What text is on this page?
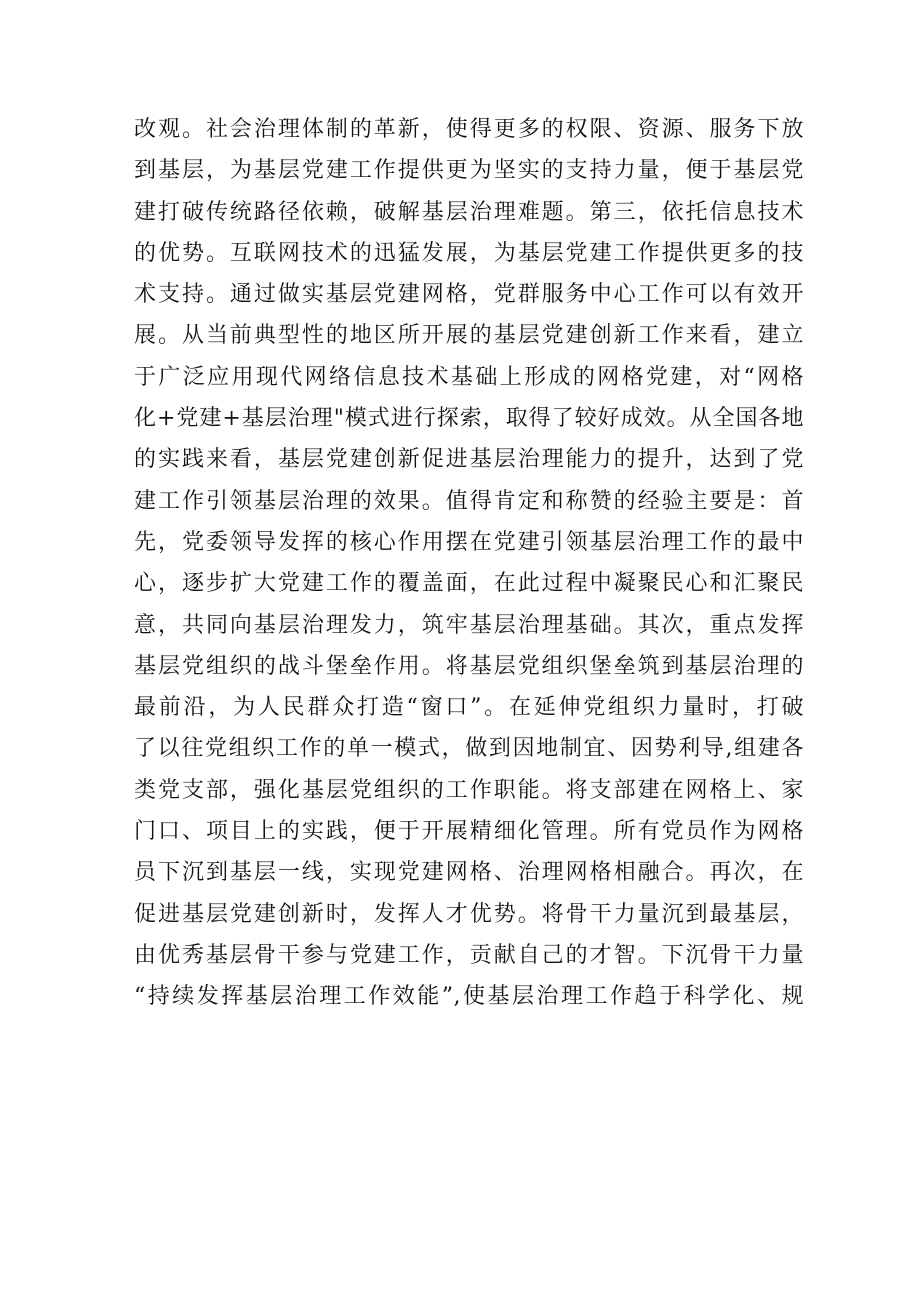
改观。社会治理体制的革新，使得更多的权限、资源、服务下放
到基层，为基层党建工作提供更为坚实的支持力量，便于基层党
建打破传统路径依赖，破解基层治理难题。第三，依托信息技术
的优势。互联网技术的迅猛发展，为基层党建工作提供更多的技
术支持。通过做实基层党建网格，党群服务中心工作可以有效开
展。从当前典型性的地区所开展的基层党建创新工作来看，建立
于广泛应用现代网络信息技术基础上形成的网格党建，对“网格
化+党建+基层治理"模式进行探索，取得了较好成效。从全国各地
的实践来看，基层党建创新促进基层治理能力的提升，达到了党
建工作引领基层治理的效果。值得肯定和称赞的经验主要是：首
先，党委领导发挥的核心作用摆在党建引领基层治理工作的最中
心，逐步扩大党建工作的覆盖面，在此过程中凝聚民心和汇聚民
意，共同向基层治理发力，筑牢基层治理基础。其次，重点发挥
基层党组织的战斗堡垒作用。将基层党组织堡垒筑到基层治理的
最前沿，为人民群众打造“窗口”。在延伸党组织力量时，打破
了以往党组织工作的单一模式，做到因地制宜、因势利导,组建各
类党支部，强化基层党组织的工作职能。将支部建在网格上、家
门口、项目上的实践，便于开展精细化管理。所有党员作为网格
员下沉到基层一线，实现党建网格、治理网格相融合。再次，在
促进基层党建创新时，发挥人才优势。将骨干力量沉到最基层，
由优秀基层骨干参与党建工作，贡献自己的才智。下沉骨干力量
“持续发挥基层治理工作效能”,使基层治理工作趋于科学化、规
